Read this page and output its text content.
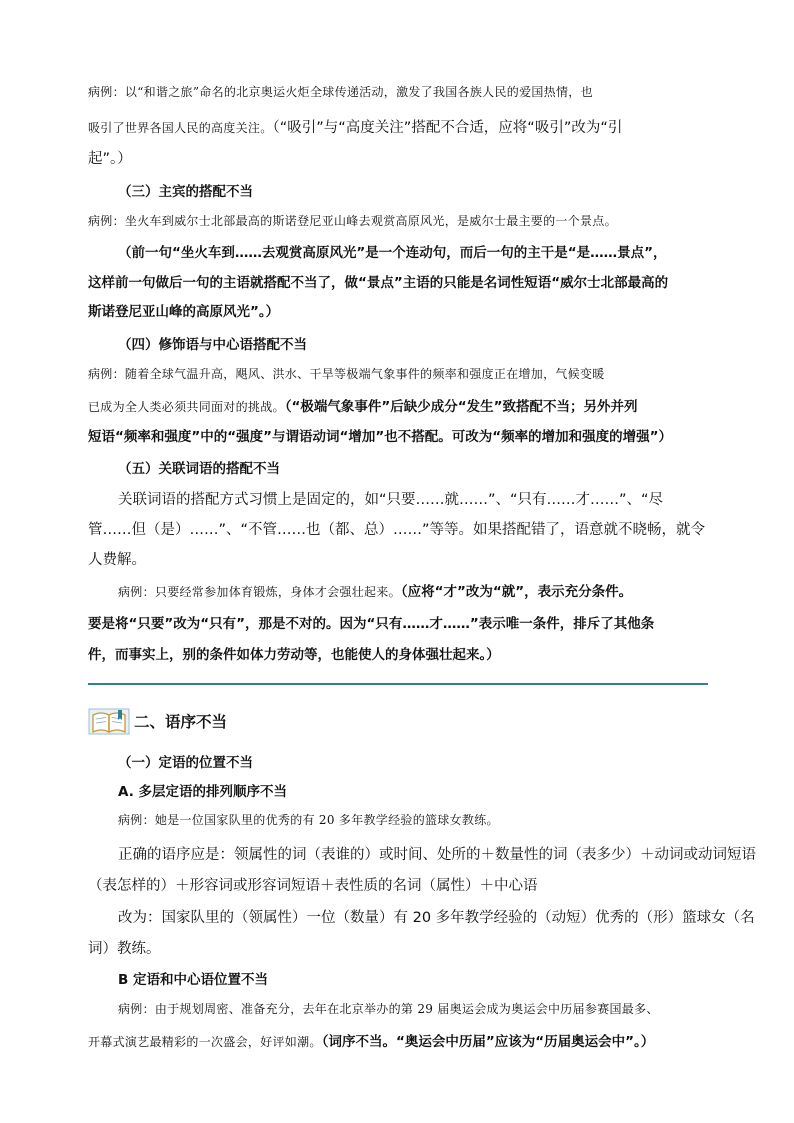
病例：以“和谐之旅”命名的北京奥运火炬全球传递活动，激发了我国各族人民的爱国热情，也
吸引了世界各国人民的高度关注。（“吸引”与“高度关注”搭配不合适，应将“吸引”改为“引
起”。）
（三）主宾的搭配不当
病例：坐火车到威尔士北部最高的斯诺登尼亚山峰去观赏高原风光，是威尔士最主要的一个景点。
（前一句“坐火车到……去观赏高原风光”是一个连动句，而后一句的主干是“是……景点”，
这样前一句做后一句的主语就搭配不当了，做“景点”主语的只能是名词性短语“威尔士北部最高的
斯诺登尼亚山峰的高原风光”。）
（四）修饰语与中心语搭配不当
病例：随着全球气温升高，飓风、洪水、干旱等极端气象事件的频率和强度正在增加，气候变暖
已成为全人类必须共同面对的挑战。（“极端气象事件”后缺少成分“发生”致搭配不当；另外并列
短语“频率和强度”中的“强度”与谓语动词“增加”也不搭配。可改为“频率的增加和强度的增强”）
（五）关联词语的搭配不当
关联词语的搭配方式习惯上是固定的，如“只要……就……”、“只有……才……”、“尽
管……但（是）……”、“不管……也（都、总）……”等等。如果搭配错了，语意就不晓畅，就令
人费解。
病例：只要经常参加体育锻炼，身体才会强壮起来。（应将“才”改为“就”，表示充分条件。
要是将“只要”改为“只有”，那是不对的。因为“只有……才……”表示唯一条件，排斥了其他条
件，而事实上，别的条件如体力劳动等，也能使人的身体强壮起来。）
二、语序不当
（一）定语的位置不当
A. 多层定语的排列顺序不当
病例：她是一位国家队里的优秀的有 20 多年教学经验的篮球女教练。
正确的语序应是：领属性的词（表谁的）或时间、处所的＋数量性的词（表多少）＋动词或动词短语
（表怎样的）＋形容词或形容词短语＋表性质的名词（属性）＋中心语
改为：国家队里的（领属性）一位（数量）有 20 多年教学经验的（动短）优秀的（形）篮球女（名
词）教练。
B 定语和中心语位置不当
病例：由于规划周密、准备充分，去年在北京举办的第 29 届奥运会成为奥运会中历届参赛国最多、
开幕式演艺最精彩的一次盛会，好评如潮。（词序不当。“奥运会中历届”应该为“历届奥运会中”。）
